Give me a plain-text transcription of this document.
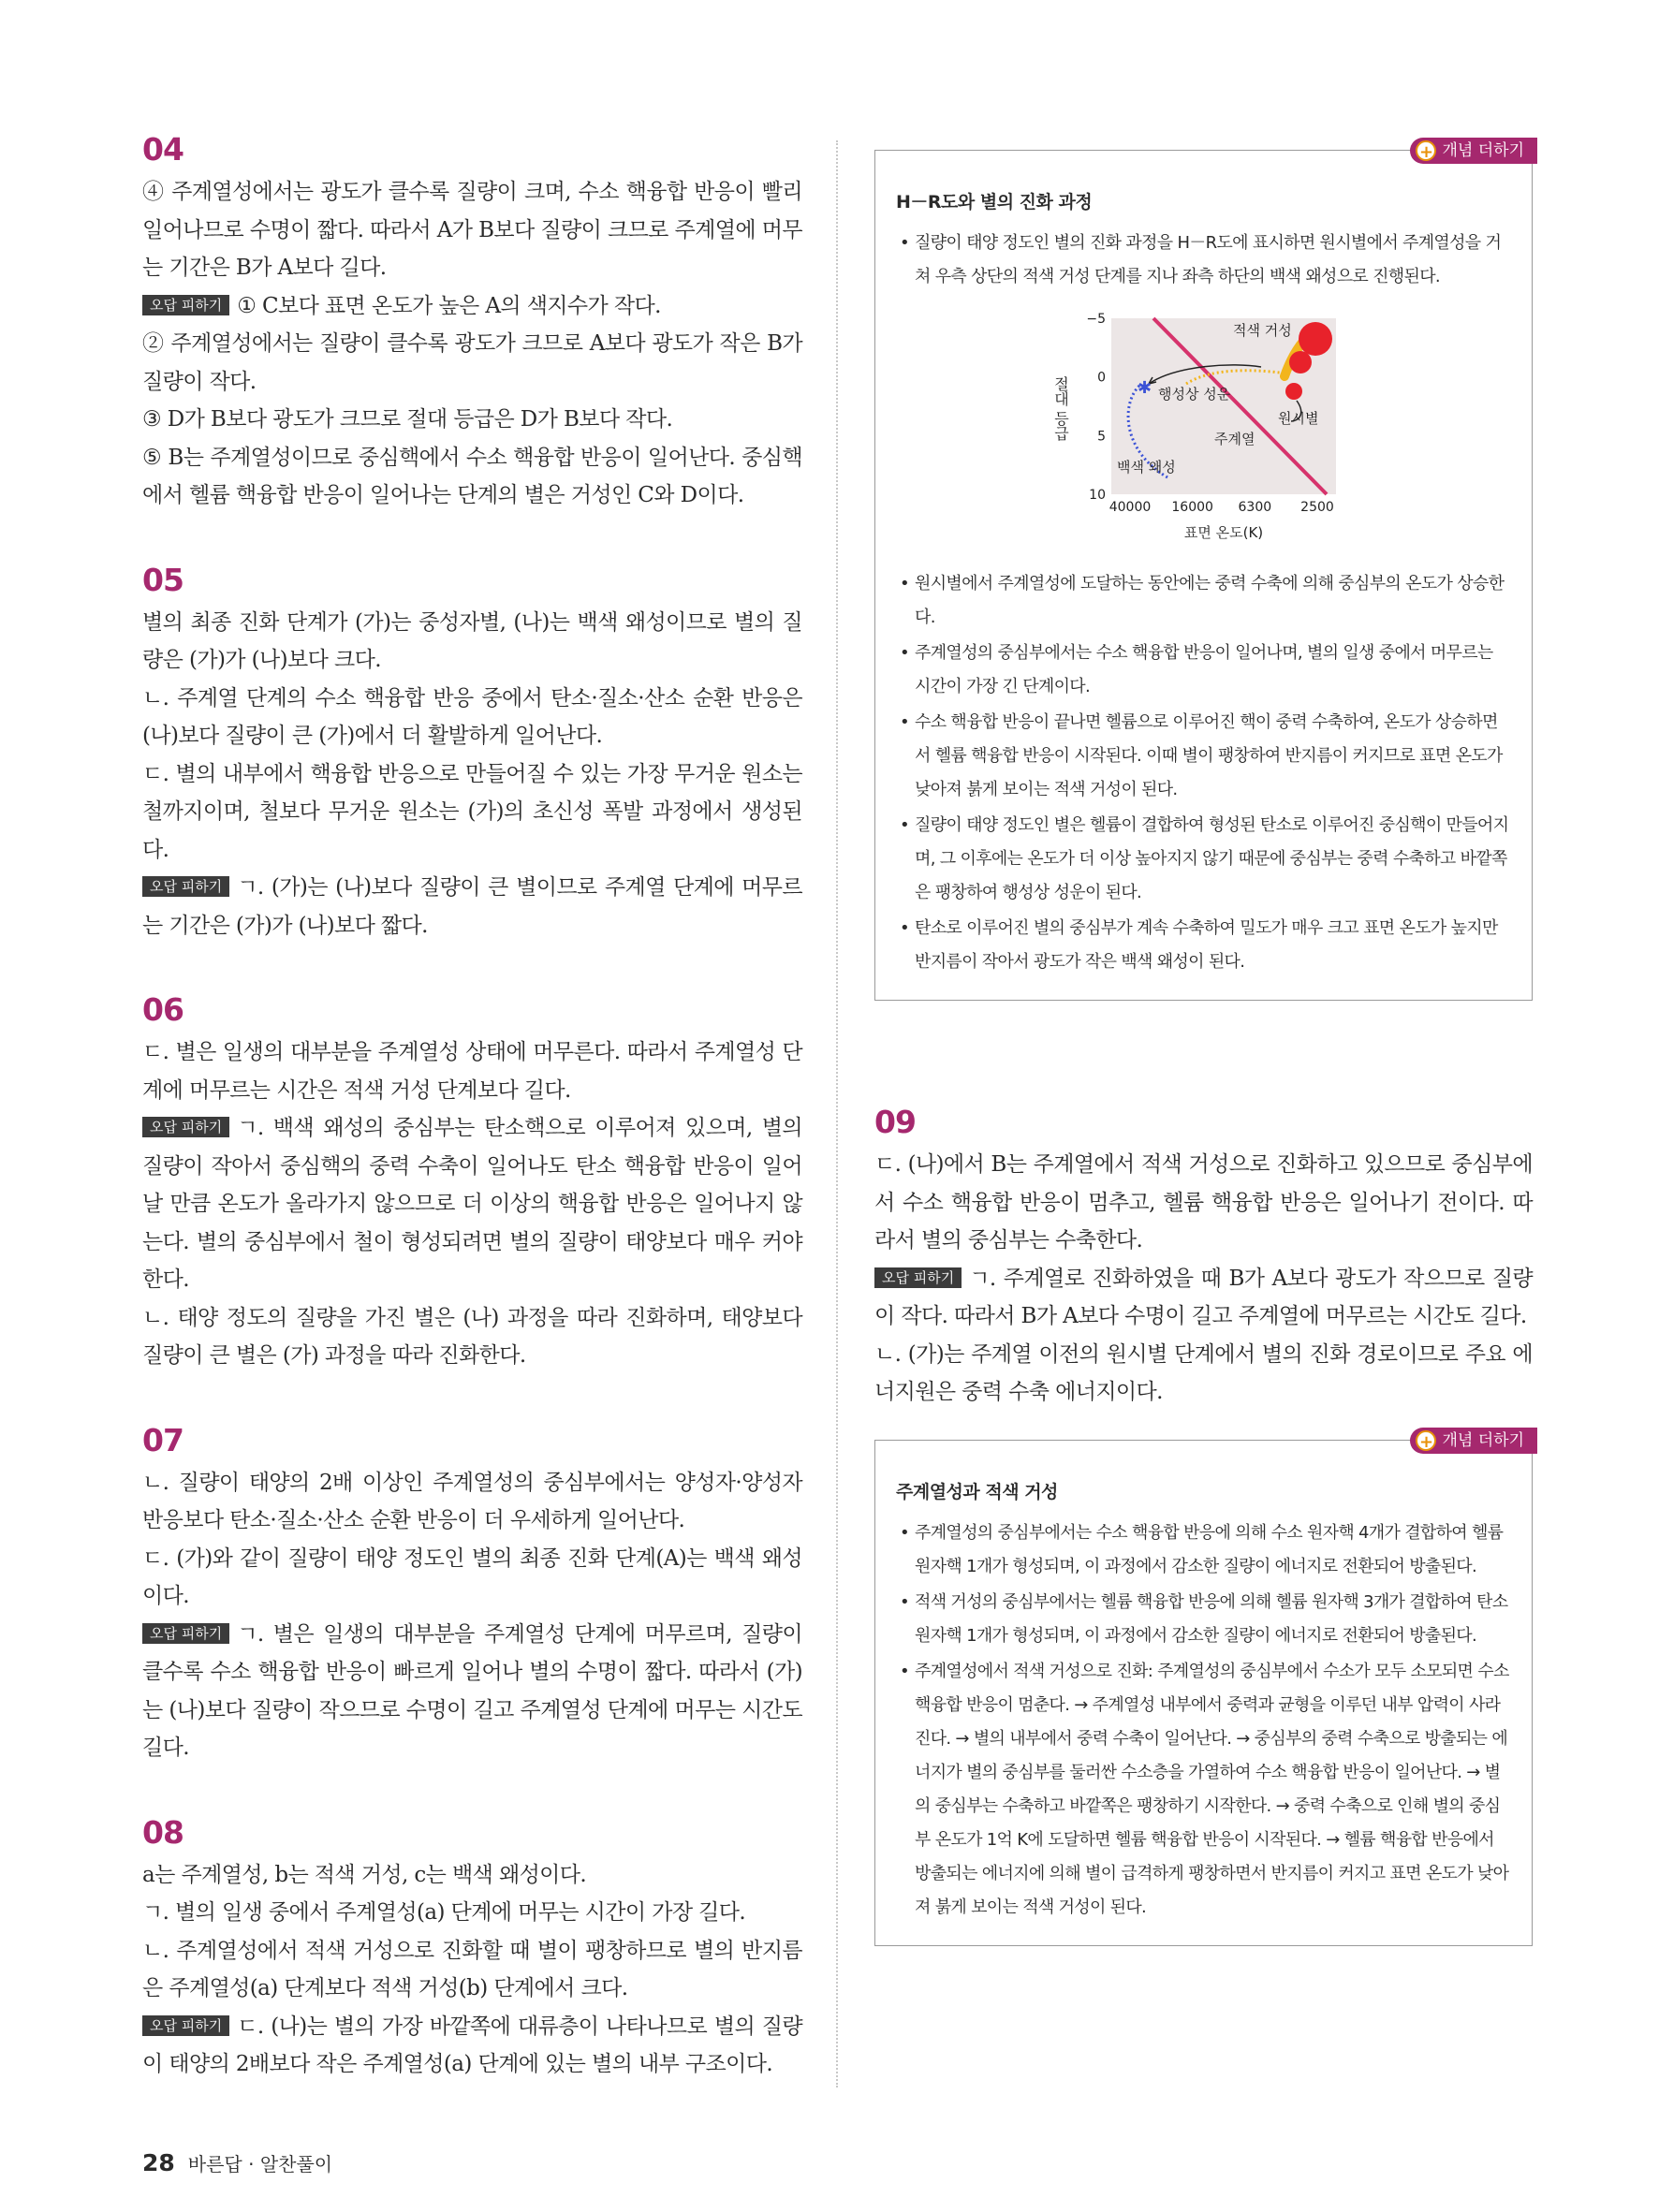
04

④ 주계열성에서는 광도가 클수록 질량이 크며, 수소 핵융합 반응이 빨리 일어나므로 수명이 짧다. 따라서 A가 B보다 질량이 크므로 주계열에 머무는 기간은 B가 A보다 길다.

오답 피하기 ① C보다 표면 온도가 높은 A의 색지수가 작다.

② 주계열성에서는 질량이 클수록 광도가 크므로 A보다 광도가 작은 B가 질량이 작다.

③ D가 B보다 광도가 크므로 절대 등급은 D가 B보다 작다.

⑤ B는 주계열성이므로 중심핵에서 수소 핵융합 반응이 일어난다. 중심핵에서 헬륨 핵융합 반응이 일어나는 단계의 별은 거성인 C와 D이다.

05

별의 최종 진화 단계가 (가)는 중성자별, (나)는 백색 왜성이므로 별의 질량은 (가)가 (나)보다 크다.

ㄴ. 주계열 단계의 수소 핵융합 반응 중에서 탄소·질소·산소 순환 반응은 (나)보다 질량이 큰 (가)에서 더 활발하게 일어난다.

ㄷ. 별의 내부에서 핵융합 반응으로 만들어질 수 있는 가장 무거운 원소는 철까지이며, 철보다 무거운 원소는 (가)의 초신성 폭발 과정에서 생성된다.

오답 피하기 ㄱ. (가)는 (나)보다 질량이 큰 별이므로 주계열 단계에 머무르는 기간은 (가)가 (나)보다 짧다.

06

ㄷ. 별은 일생의 대부분을 주계열성 상태에 머무른다. 따라서 주계열성 단계에 머무르는 시간은 적색 거성 단계보다 길다.

오답 피하기 ㄱ. 백색 왜성의 중심부는 탄소핵으로 이루어져 있으며, 별의 질량이 작아서 중심핵의 중력 수축이 일어나도 탄소 핵융합 반응이 일어날 만큼 온도가 올라가지 않으므로 더 이상의 핵융합 반응은 일어나지 않는다. 별의 중심부에서 철이 형성되려면 별의 질량이 태양보다 매우 커야 한다.

ㄴ. 태양 정도의 질량을 가진 별은 (나) 과정을 따라 진화하며, 태양보다 질량이 큰 별은 (가) 과정을 따라 진화한다.

07

ㄴ. 질량이 태양의 2배 이상인 주계열성의 중심부에서는 양성자·양성자 반응보다 탄소·질소·산소 순환 반응이 더 우세하게 일어난다.

ㄷ. (가)와 같이 질량이 태양 정도인 별의 최종 진화 단계(A)는 백색 왜성이다.

오답 피하기 ㄱ. 별은 일생의 대부분을 주계열성 단계에 머무르며, 질량이 클수록 수소 핵융합 반응이 빠르게 일어나 별의 수명이 짧다. 따라서 (가)는 (나)보다 질량이 작으므로 수명이 길고 주계열성 단계에 머무는 시간도 길다.

08

a는 주계열성, b는 적색 거성, c는 백색 왜성이다.

ㄱ. 별의 일생 중에서 주계열성(a) 단계에 머무는 시간이 가장 길다.

ㄴ. 주계열성에서 적색 거성으로 진화할 때 별이 팽창하므로 별의 반지름은 주계열성(a) 단계보다 적색 거성(b) 단계에서 크다.

오답 피하기 ㄷ. (나)는 별의 가장 바깥쪽에 대류층이 나타나므로 별의 질량이 태양의 2배보다 작은 주계열성(a) 단계에 있는 별의 내부 구조이다.

+ 개념 더하기
H－R도와 별의 진화 과정

• 질량이 태양 정도인 별의 진화 과정을 H－R도에 표시하면 원시별에서 주계열성을 거쳐 우측 상단의 적색 거성 단계를 지나 좌측 하단의 백색 왜성으로 진행된다.

✱
적색 거성
행성상 성운
원시별
주계열
백색 왜성
−5
0
5
10
40000 16000 6300 2500
절대 등급
표면 온도(K)

• 원시별에서 주계열성에 도달하는 동안에는 중력 수축에 의해 중심부의 온도가 상승한다.

• 주계열성의 중심부에서는 수소 핵융합 반응이 일어나며, 별의 일생 중에서 머무르는 시간이 가장 긴 단계이다.

• 수소 핵융합 반응이 끝나면 헬륨으로 이루어진 핵이 중력 수축하여, 온도가 상승하면서 헬륨 핵융합 반응이 시작된다. 이때 별이 팽창하여 반지름이 커지므로 표면 온도가 낮아져 붉게 보이는 적색 거성이 된다.

• 질량이 태양 정도인 별은 헬륨이 결합하여 형성된 탄소로 이루어진 중심핵이 만들어지며, 그 이후에는 온도가 더 이상 높아지지 않기 때문에 중심부는 중력 수축하고 바깥쪽은 팽창하여 행성상 성운이 된다.

• 탄소로 이루어진 별의 중심부가 계속 수축하여 밀도가 매우 크고 표면 온도가 높지만 반지름이 작아서 광도가 작은 백색 왜성이 된다.

09

ㄷ. (나)에서 B는 주계열에서 적색 거성으로 진화하고 있으므로 중심부에서 수소 핵융합 반응이 멈추고, 헬륨 핵융합 반응은 일어나기 전이다. 따라서 별의 중심부는 수축한다.

오답 피하기 ㄱ. 주계열로 진화하였을 때 B가 A보다 광도가 작으므로 질량이 작다. 따라서 B가 A보다 수명이 길고 주계열에 머무르는 시간도 길다.

ㄴ. (가)는 주계열 이전의 원시별 단계에서 별의 진화 경로이므로 주요 에너지원은 중력 수축 에너지이다.

+ 개념 더하기
주계열성과 적색 거성

• 주계열성의 중심부에서는 수소 핵융합 반응에 의해 수소 원자핵 4개가 결합하여 헬륨 원자핵 1개가 형성되며, 이 과정에서 감소한 질량이 에너지로 전환되어 방출된다.

• 적색 거성의 중심부에서는 헬륨 핵융합 반응에 의해 헬륨 원자핵 3개가 결합하여 탄소 원자핵 1개가 형성되며, 이 과정에서 감소한 질량이 에너지로 전환되어 방출된다.

• 주계열성에서 적색 거성으로 진화: 주계열성의 중심부에서 수소가 모두 소모되면 수소 핵융합 반응이 멈춘다. → 주계열성 내부에서 중력과 균형을 이루던 내부 압력이 사라진다. → 별의 내부에서 중력 수축이 일어난다. → 중심부의 중력 수축으로 방출되는 에너지가 별의 중심부를 둘러싼 수소층을 가열하여 수소 핵융합 반응이 일어난다. → 별의 중심부는 수축하고 바깥쪽은 팽창하기 시작한다. → 중력 수축으로 인해 별의 중심부 온도가 1억 K에 도달하면 헬륨 핵융합 반응이 시작된다. → 헬륨 핵융합 반응에서 방출되는 에너지에 의해 별이 급격하게 팽창하면서 반지름이 커지고 표면 온도가 낮아져 붉게 보이는 적색 거성이 된다.

28 바른답 · 알찬풀이
